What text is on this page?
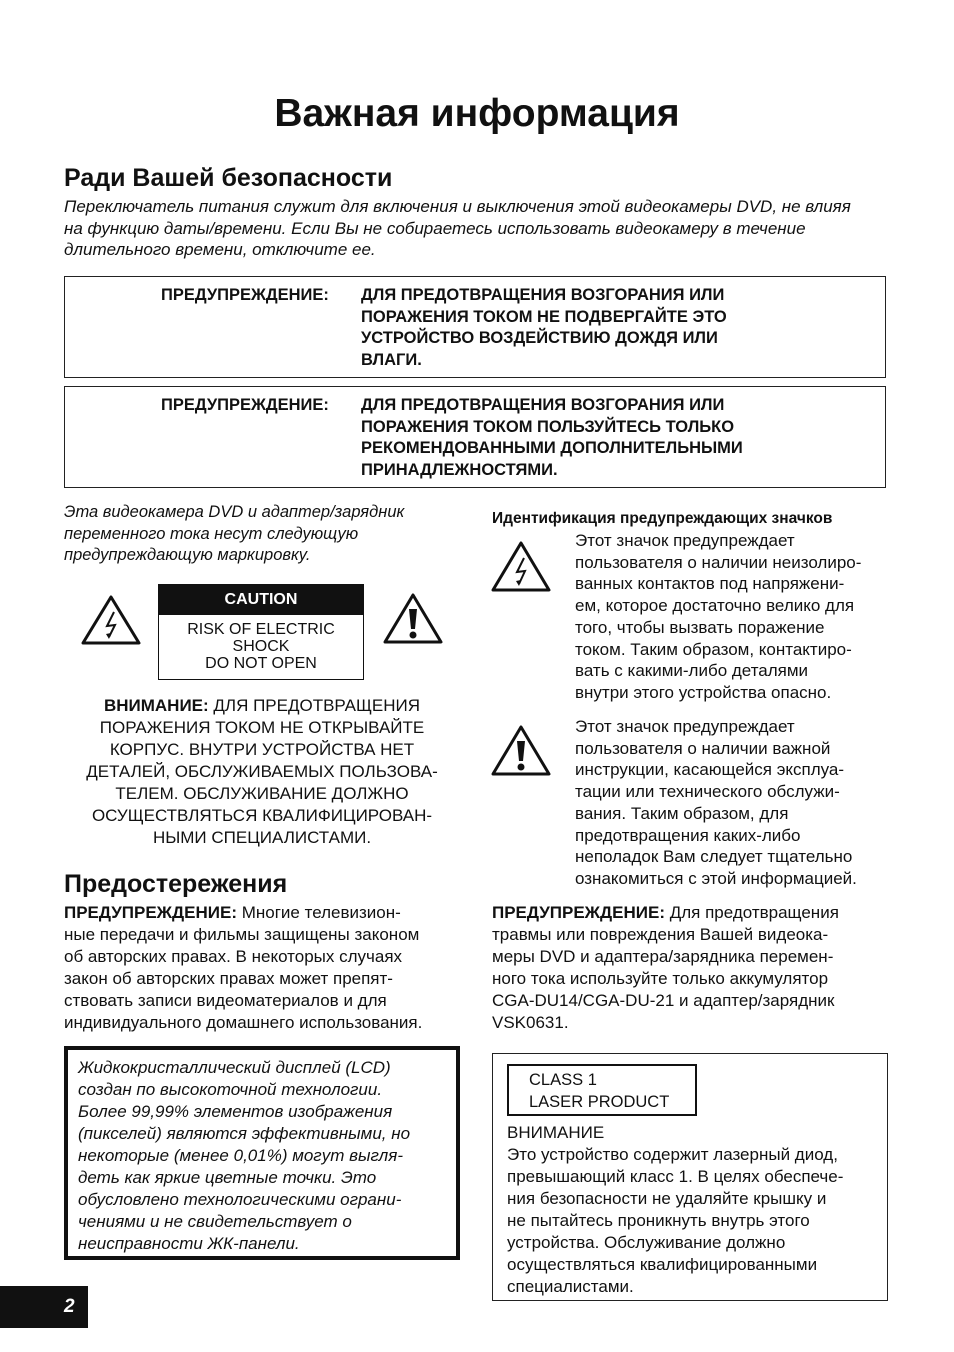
Важная информация
Ради Вашей безопасности
Переключатель питания служит для включения и выключения этой видеокамеры DVD, не влияя на функцию даты/времени. Если Вы не собираетесь использовать видеокамеру в течение длительного времени, отключите ее.
ПРЕДУПРЕЖДЕНИЕ: ДЛЯ ПРЕДОТВРАЩЕНИЯ ВОЗГОРАНИЯ ИЛИ
ПОРАЖЕНИЯ ТОКОМ НЕ ПОДВЕРГАЙТЕ ЭТО
УСТРОЙСТВО ВОЗДЕЙСТВИЮ ДОЖДЯ ИЛИ
ВЛАГИ.
ПРЕДУПРЕЖДЕНИЕ: ДЛЯ ПРЕДОТВРАЩЕНИЯ ВОЗГОРАНИЯ ИЛИ
ПОРАЖЕНИЯ ТОКОМ ПОЛЬЗУЙТЕСЬ ТОЛЬКО
РЕКОМЕНДОВАННЫМИ ДОПОЛНИТЕЛЬНЫМИ
ПРИНАДЛЕЖНОСТЯМИ.
Эта видеокамера DVD и адаптер/зарядник
переменного тока несут следующую
предупреждающую маркировку.
CAUTION
RISK OF ELECTRIC
SHOCK
DO NOT OPEN
ВНИМАНИЕ: ДЛЯ ПРЕДОТВРАЩЕНИЯ
ПОРАЖЕНИЯ ТОКОМ НЕ ОТКРЫВАЙТЕ
КОРПУС. ВНУТРИ УСТРОЙСТВА НЕТ
ДЕТАЛЕЙ, ОБСЛУЖИВАЕМЫХ ПОЛЬЗОВА-
ТЕЛЕМ. ОБСЛУЖИВАНИЕ ДОЛЖНО
ОСУЩЕСТВЛЯТЬСЯ КВАЛИФИЦИРОВАН-
НЫМИ СПЕЦИАЛИСТАМИ.
Предостережения
ПРЕДУПРЕЖДЕНИЕ: Многие телевизион-
ные передачи и фильмы защищены законом
об авторских правах. В некоторых случаях
закон об авторских правах может препят-
ствовать записи видеоматериалов и для
индивидуального домашнего использования.
Жидкокристаллический дисплей (LCD)
создан по высокоточной технологии.
Более 99,99% элементов изображения
(пикселей) являются эффективными, но
некоторые (менее 0,01%) могут выгля-
деть как яркие цветные точки. Это
обусловлено технологическими ограни-
чениями и не свидетельствует о
неисправности ЖК-панели.
Идентификация предупреждающих значков
Этот значок предупреждает
пользователя о наличии неизолиро-
ванных контактов под напряжени-
ем, которое достаточно велико для
того, чтобы вызвать поражение
током. Таким образом, контактиро-
вать с какими-либо деталями
внутри этого устройства опасно.
Этот значок предупреждает
пользователя о наличии важной
инструкции, касающейся эксплуа-
тации или технического обслужи-
вания. Таким образом, для
предотвращения каких-либо
неполадок Вам следует тщательно
ознакомиться с этой информацией.
ПРЕДУПРЕЖДЕНИЕ: Для предотвращения
травмы или повреждения Вашей видеока-
меры DVD и адаптера/зарядника перемен-
ного тока используйте только аккумулятор
CGA-DU14/CGA-DU-21 и адаптер/зарядник
VSK0631.
CLASS 1
LASER PRODUCT
ВНИМАНИЕ
Это устройство содержит лазерный диод,
превышающий класс 1. В целях обеспече-
ния безопасности не удаляйте крышку и
не пытайтесь проникнуть внутрь этого
устройства. Обслуживание должно
осуществляться квалифицированными
специалистами.
2
